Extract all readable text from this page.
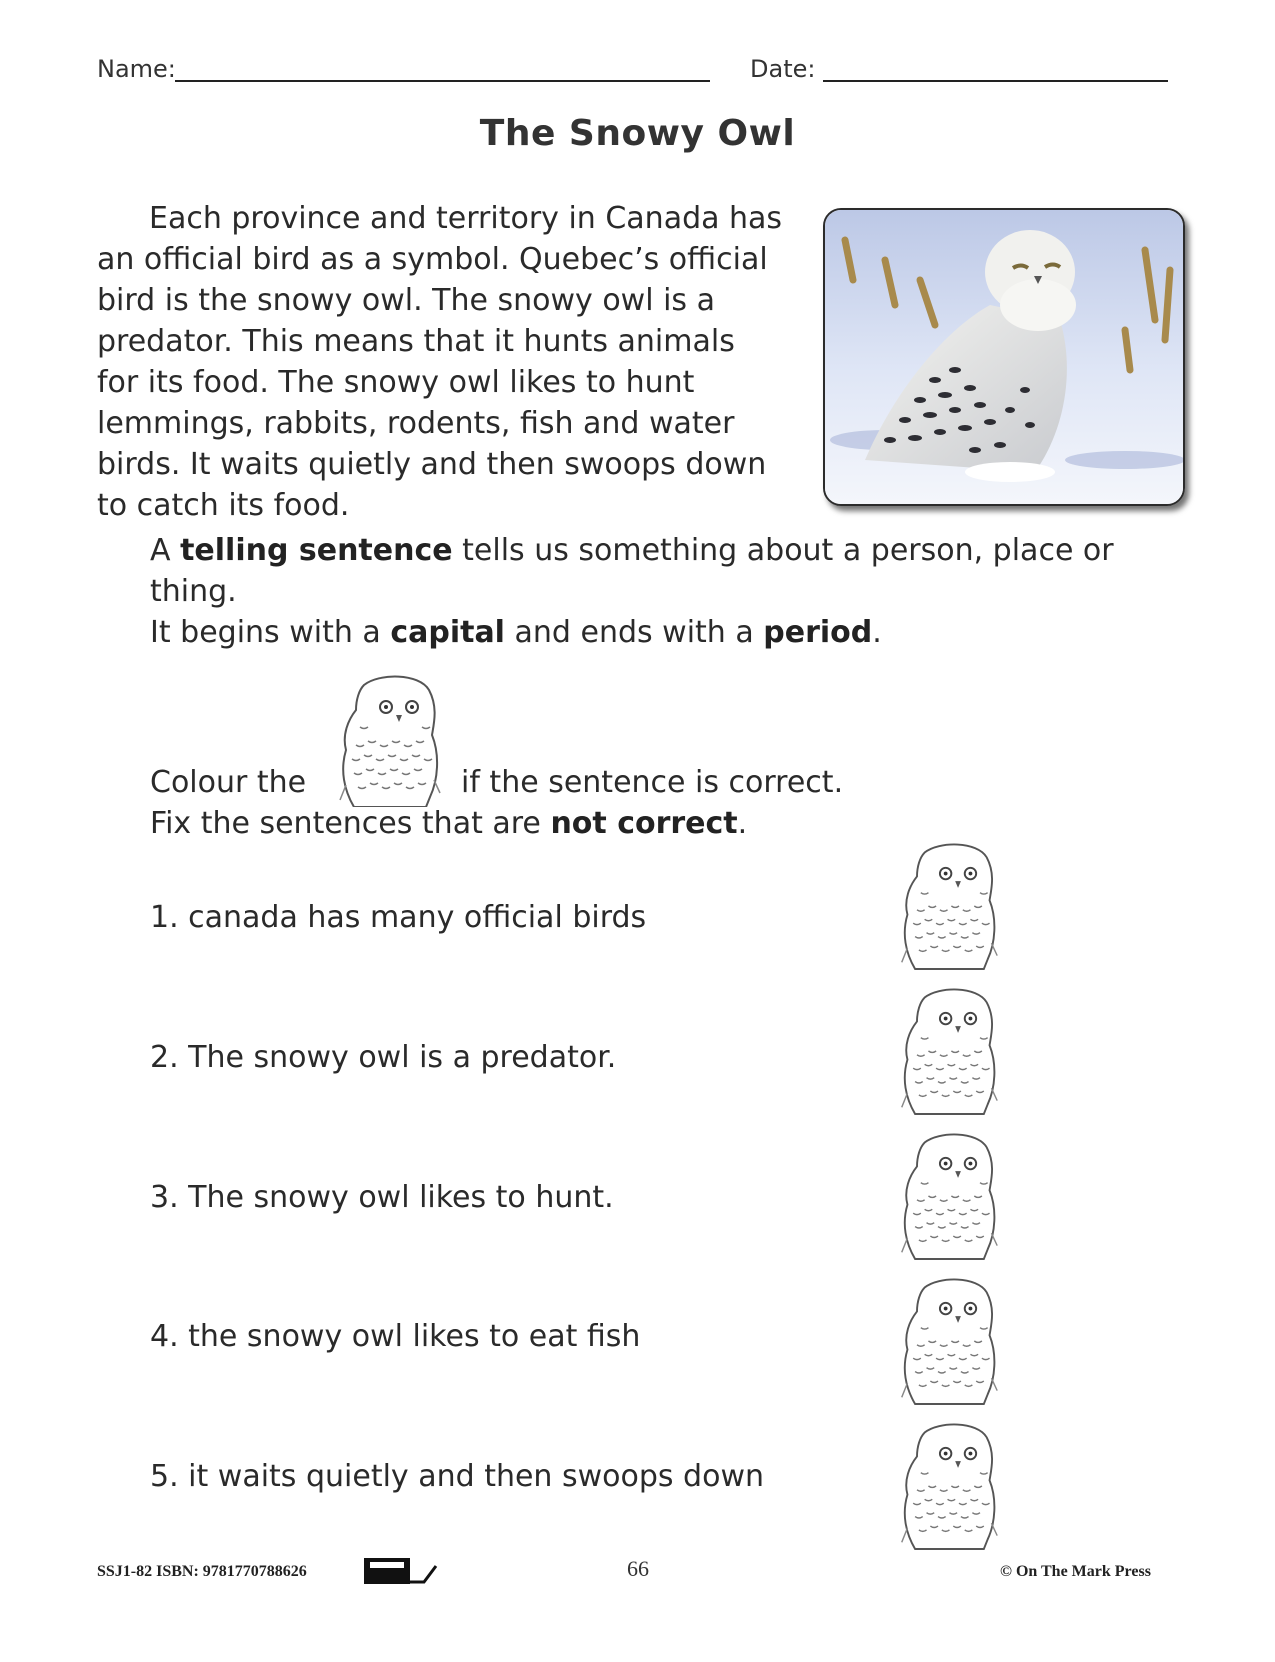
Name:	Date:
The Snowy Owl
Each province and territory in Canada has
an official bird as a symbol. Quebec’s official
bird is the snowy owl. The snowy owl is a
predator. This means that it hunts animals
for its food. The snowy owl likes to hunt
lemmings, rabbits, rodents, fish and water
birds. It waits quietly and then swoops down
to catch its food.
A telling sentence tells us something about a person, place or
thing.
It begins with a capital and ends with a period.
Colour the	if the sentence is correct.
Fix the sentences that are not correct.
1. canada has many official birds
2. The snowy owl is a predator.
3. The snowy owl likes to hunt.
4. the snowy owl likes to eat fish
5. it waits quietly and then swoops down
SSJ1-82 ISBN: 9781770788626	66	© On The Mark Press
